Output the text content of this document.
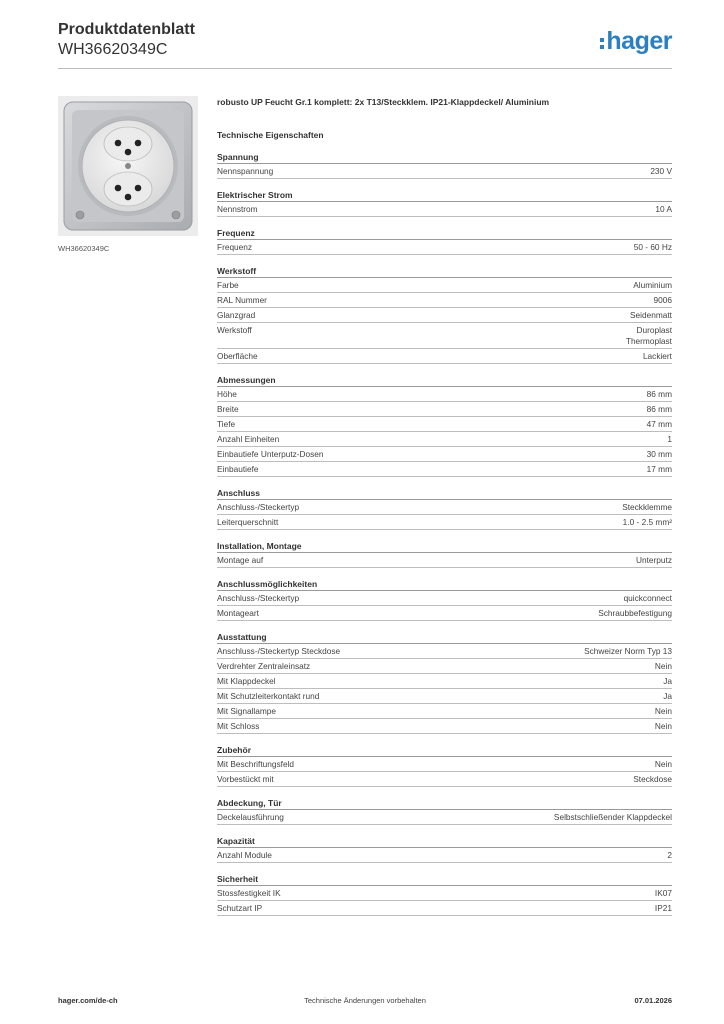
Produktdatenblatt
WH36620349C	hager
WH36620349C
robusto UP Feucht Gr.1 komplett: 2x T13/Steckklem. IP21-Klappdeckel/ Aluminium
Technische Eigenschaften
Spannung
Nennspannung	230 V
Elektrischer Strom
Nennstrom	10 A
Frequenz
Frequenz	50 - 60 Hz
Werkstoff
Farbe	Aluminium
RAL Nummer	9006
Glanzgrad	Seidenmatt
Werkstoff	Duroplast
Thermoplast
Oberfläche	Lackiert
Abmessungen
Höhe	86 mm
Breite	86 mm
Tiefe	47 mm
Anzahl Einheiten	1
Einbautiefe Unterputz-Dosen	30 mm
Einbautiefe	17 mm
Anschluss
Anschluss-/Steckertyp	Steckklemme
Leiterquerschnitt	1.0 - 2.5 mm²
Installation, Montage
Montage auf	Unterputz
Anschlussmöglichkeiten
Anschluss-/Steckertyp	quickconnect
Montageart	Schraubbefestigung
Ausstattung
Anschluss-/Steckertyp Steckdose	Schweizer Norm Typ 13
Verdrehter Zentraleinsatz	Nein
Mit Klappdeckel	Ja
Mit Schutzleiterkontakt rund	Ja
Mit Signallampe	Nein
Mit Schloss	Nein
Zubehör
Mit Beschriftungsfeld	Nein
Vorbestückt mit	Steckdose
Abdeckung, Tür
Deckelausführung	Selbstschließender Klappdeckel
Kapazität
Anzahl Module	2
Sicherheit
Stossfestigkeit IK	IK07
Schutzart IP	IP21
hager.com/de-ch	Technische Änderungen vorbehalten	07.01.2026
